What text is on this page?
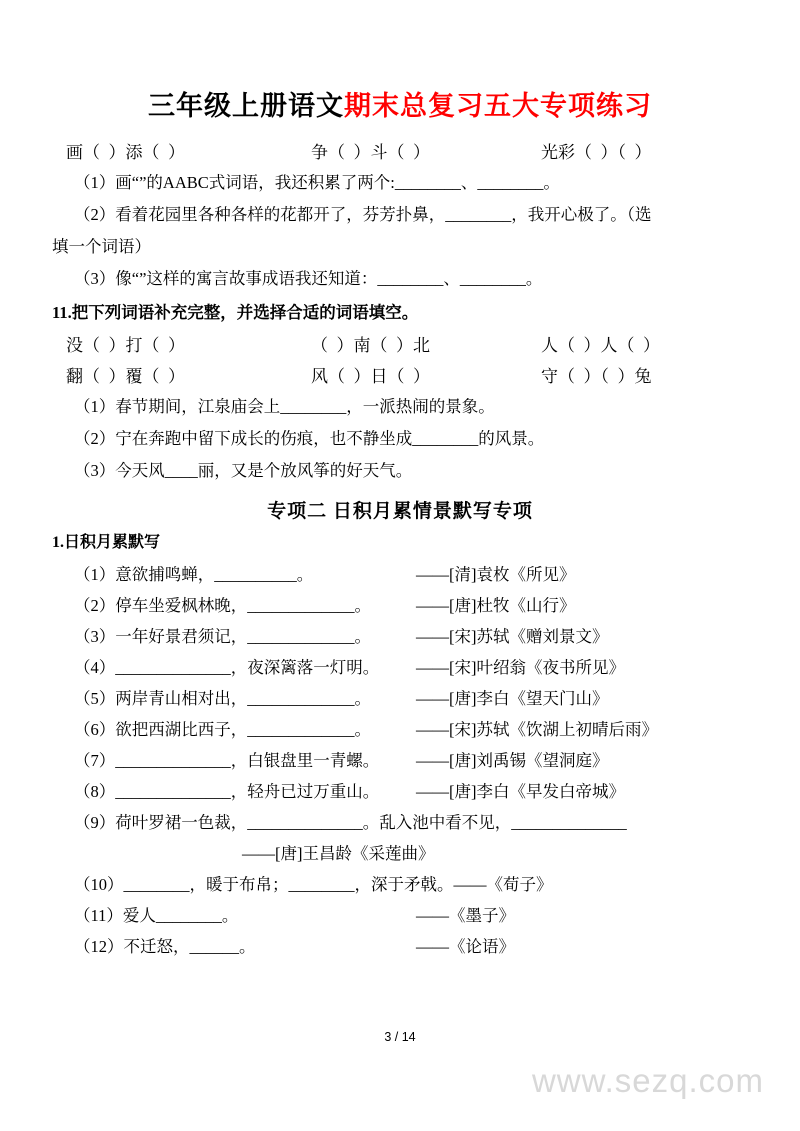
三年级上册语文期末总复习五大专项练习
画（  ）添（  ）	争（  ）斗（  ）	光彩（  ）（  ）

（1）画“”的AABC式词语，我还积累了两个:________、________。

（2）看着花园里各种各样的花都开了，芬芳扑鼻，________，我开心极了。（选

填一个词语）

（3）像“”这样的寓言故事成语我还知道：________、________。

11.把下列词语补充完整，并选择合适的词语填空。

没（  ）打（  ）	（  ）南（  ）北	人（  ）人（  ）
翻（  ）覆（  ）	风（  ）日（  ）	守（  ）（  ）兔

（1）春节期间，江泉庙会上________，一派热闹的景象。

（2）宁在奔跑中留下成长的伤痕，也不静坐成________的风景。

（3）今天风____丽，又是个放风筝的好天气。

专项二 日积月累情景默写专项

1.日积月累默写

（1）意欲捕鸣蝉，__________。	——[清]袁枚《所见》
（2）停车坐爱枫林晚，_____________。	——[唐]杜牧《山行》
（3）一年好景君须记，_____________。	——[宋]苏轼《赠刘景文》
（4）______________，夜深篱落一灯明。	——[宋]叶绍翁《夜书所见》
（5）两岸青山相对出，_____________。	——[唐]李白《望天门山》
（6）欲把西湖比西子，_____________。	——[宋]苏轼《饮湖上初晴后雨》
（7）______________，白银盘里一青螺。	——[唐]刘禹锡《望洞庭》
（8）______________，轻舟已过万重山。	——[唐]李白《早发白帝城》
（9）荷叶罗裙一色裁，______________。乱入池中看不见，______________
——[唐]王昌龄《采莲曲》
（10）________，暖于布帛；________，深于矛戟。——《荀子》
（11）爱人________。	——《墨子》
（12）不迁怒，______。	——《论语》
3 / 14
www.sezq.com
